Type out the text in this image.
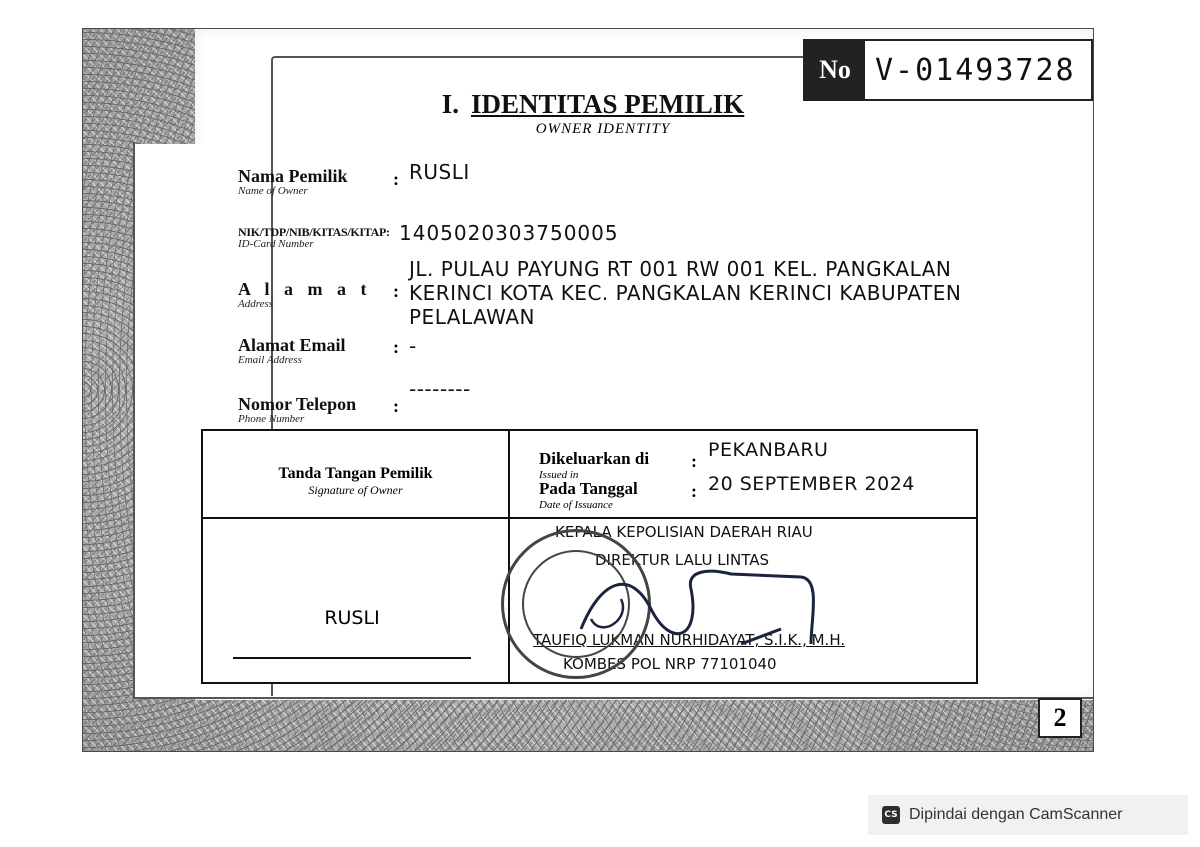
No V-01493728
I. IDENTITAS PEMILIK
OWNER IDENTITY
Nama Pemilik
Name of Owner
: RUSLI
NIK/TDP/NIB/KITAS/KITAP:
ID-Card Number	1405020303750005
A l a m a t
Address
:
JL. PULAU PAYUNG RT 001 RW 001 KEL. PANGKALAN
KERINCI KOTA KEC. PANGKALAN KERINCI KABUPATEN
PELALAWAN
Alamat Email
Email Address
: -
Nomor Telepon
Phone Number
:
--------
Tanda Tangan Pemilik
Signature of Owner
Dikeluarkan di
Issued in
: PEKANBARU
Pada Tanggal
Date of Issuance
: 20 SEPTEMBER 2024
RUSLI
KEPALA KEPOLISIAN DAERAH RIAU
DIREKTUR LALU LINTAS
TAUFIQ LUKMAN NURHIDAYAT, S.I.K., M.H.
KOMBES POL NRP 77101040
2
CS Dipindai dengan CamScanner
